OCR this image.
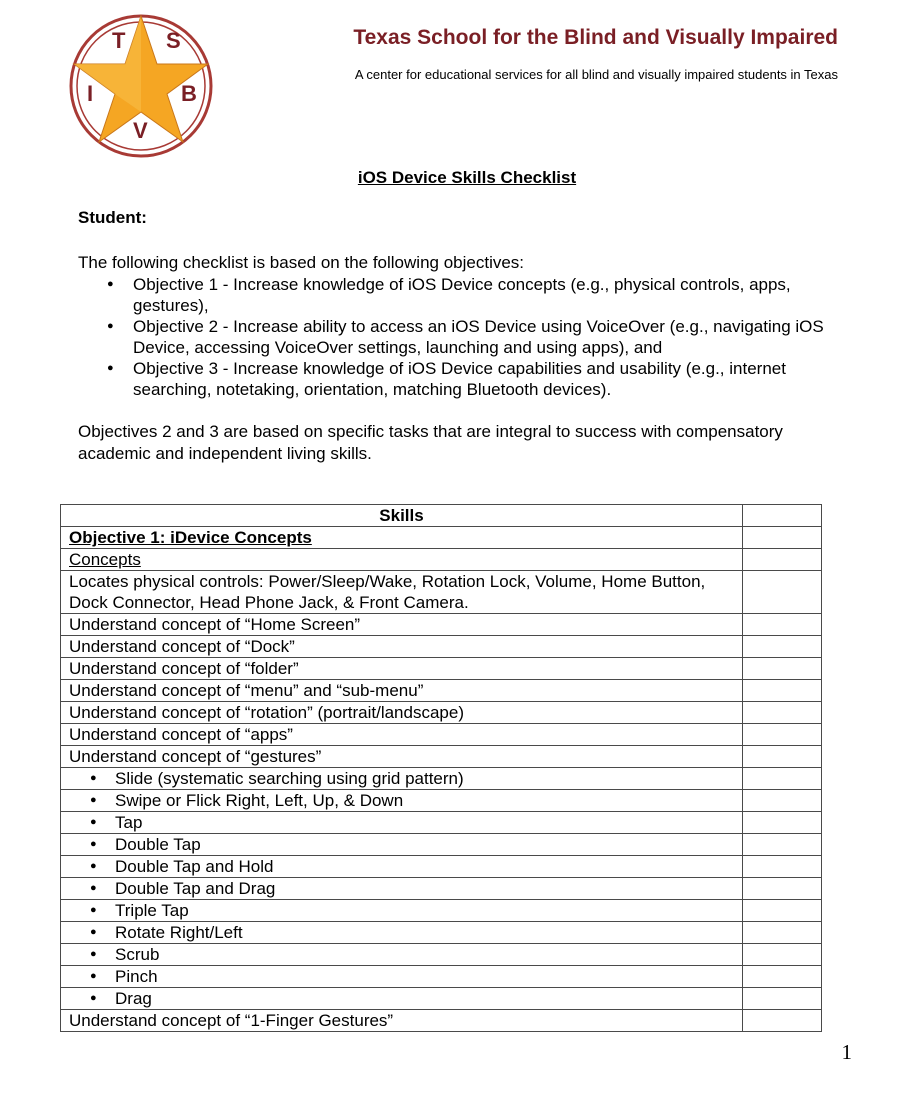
T S
I	B
V

Texas School for the Blind and Visually Impaired

A center for educational services for all blind and visually impaired students in Texas

iOS Device Skills Checklist

Student:

The following checklist is based on the following objectives:

● Objective 1 - Increase knowledge of iOS Device concepts (e.g., physical controls, apps, gestures),
● Objective 2 - Increase ability to access an iOS Device using VoiceOver (e.g., navigating iOS Device, accessing VoiceOver settings, launching and using apps), and
● Objective 3 - Increase knowledge of iOS Device capabilities and usability (e.g., internet searching, notetaking, orientation, matching Bluetooth devices).

Objectives 2 and 3 are based on specific tasks that are integral to success with compensatory academic and independent living skills.

Skills	
Objective 1: iDevice Concepts	
Concepts	
Locates physical controls: Power/Sleep/Wake, Rotation Lock, Volume, Home Button, Dock Connector, Head Phone Jack, & Front Camera.	
Understand concept of “Home Screen”	
Understand concept of “Dock”	
Understand concept of “folder”	
Understand concept of “menu” and “sub-menu”	
Understand concept of “rotation” (portrait/landscape)	
Understand concept of “apps”	
Understand concept of “gestures”	
● Slide (systematic searching using grid pattern)	
● Swipe or Flick Right, Left, Up, & Down	
● Tap	
● Double Tap	
● Double Tap and Hold	
● Double Tap and Drag	
● Triple Tap	
● Rotate Right/Left	
● Scrub	
● Pinch	
● Drag	
Understand concept of “1-Finger Gestures”	

1
